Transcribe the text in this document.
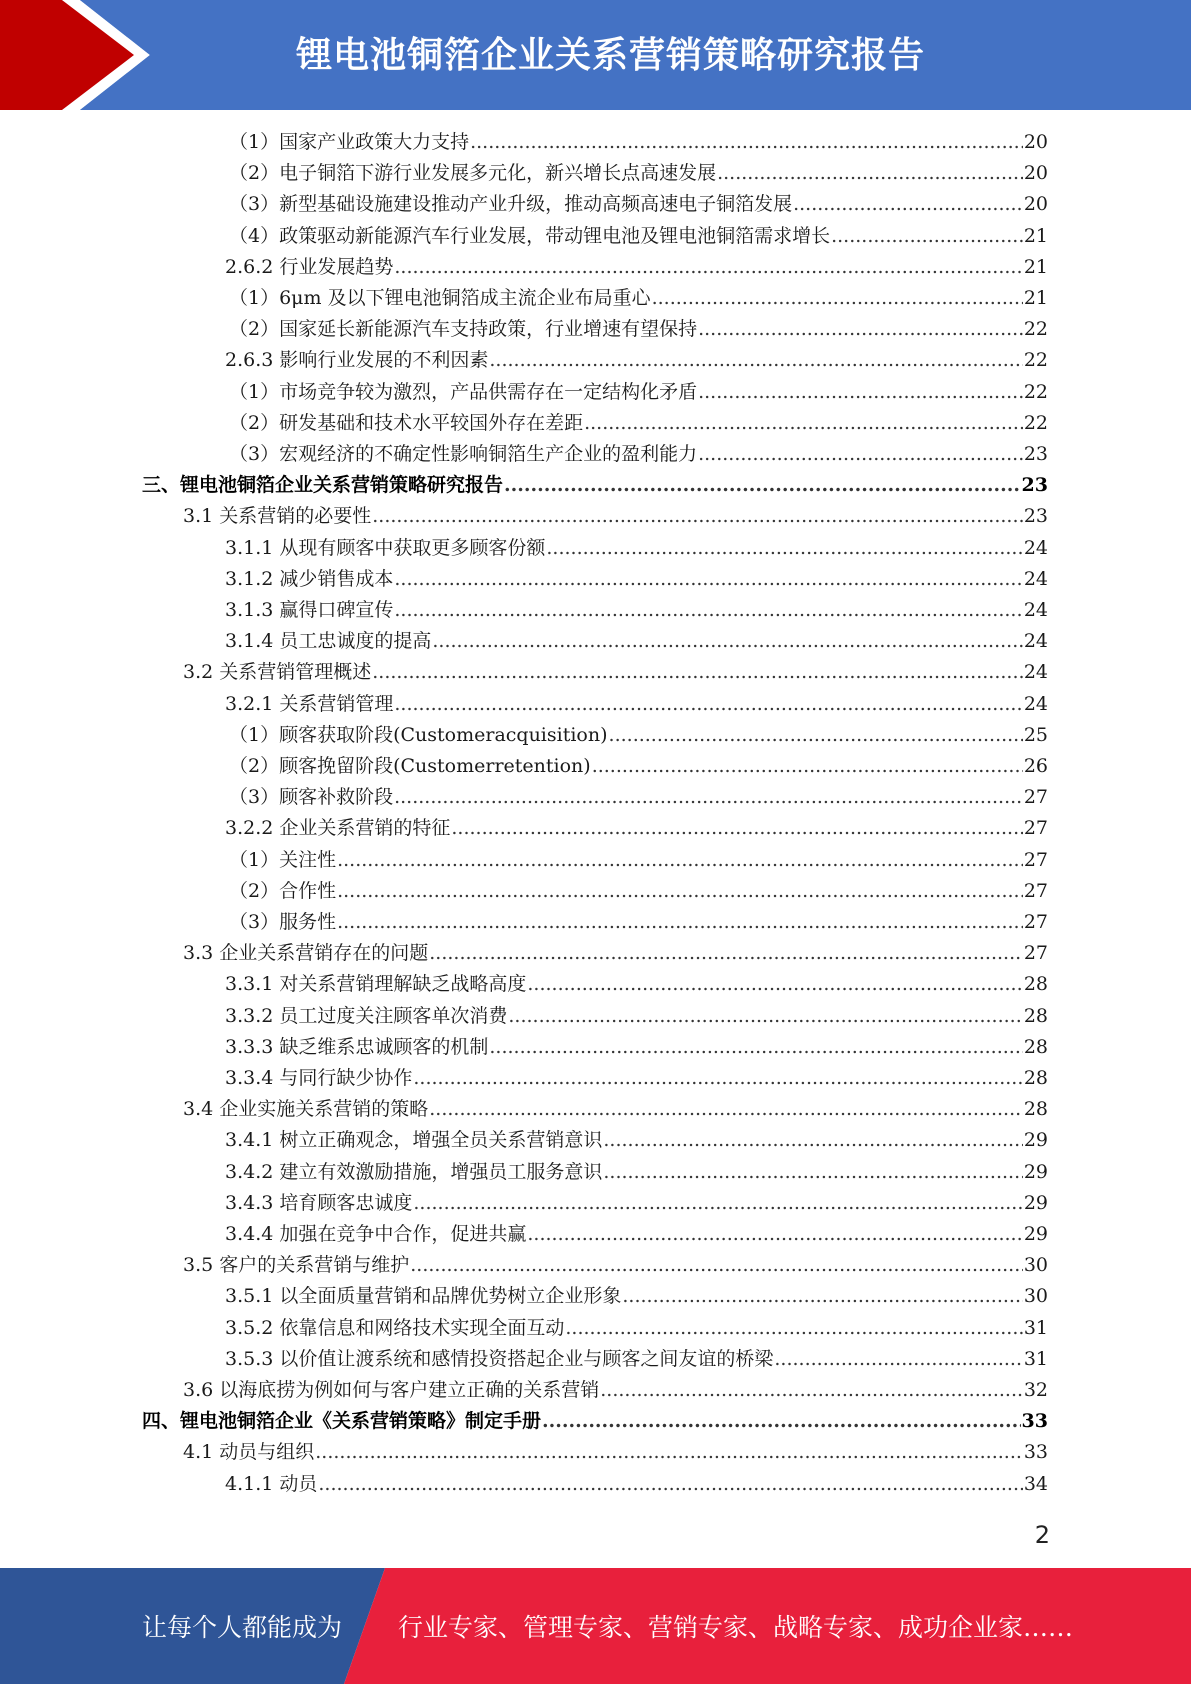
锂电池铜箔企业关系营销策略研究报告
（1）国家产业政策大力支持 .....	20
（2）电子铜箔下游行业发展多元化，新兴增长点高速发展 .....	20
（3）新型基础设施建设推动产业升级，推动高频高速电子铜箔发展 .....	20
（4）政策驱动新能源汽车行业发展，带动锂电池及锂电池铜箔需求增长 .....	21
2.6.2 行业发展趋势 .....	21
（1）6μm 及以下锂电池铜箔成主流企业布局重心 .....	21
（2）国家延长新能源汽车支持政策，行业增速有望保持 .....	22
2.6.3 影响行业发展的不利因素 .....	22
（1）市场竞争较为激烈，产品供需存在一定结构化矛盾 .....	22
（2）研发基础和技术水平较国外存在差距 .....	22
（3）宏观经济的不确定性影响铜箔生产企业的盈利能力 .....	23
三、锂电池铜箔企业关系营销策略研究报告 .....	23
3.1 关系营销的必要性 .....	23
3.1.1 从现有顾客中获取更多顾客份额 .....	24
3.1.2 减少销售成本 .....	24
3.1.3 赢得口碑宣传 .....	24
3.1.4 员工忠诚度的提高 .....	24
3.2 关系营销管理概述 .....	24
3.2.1 关系营销管理 .....	24
（1）顾客获取阶段(Customeracquisition) .....	25
（2）顾客挽留阶段(Customerretention) .....	26
（3）顾客补救阶段 .....	27
3.2.2 企业关系营销的特征 .....	27
（1）关注性 .....	27
（2）合作性 .....	27
（3）服务性 .....	27
3.3 企业关系营销存在的问题 .....	27
3.3.1 对关系营销理解缺乏战略高度 .....	28
3.3.2 员工过度关注顾客单次消费 .....	28
3.3.3 缺乏维系忠诚顾客的机制 .....	28
3.3.4 与同行缺少协作 .....	28
3.4 企业实施关系营销的策略 .....	28
3.4.1 树立正确观念，增强全员关系营销意识 .....	29
3.4.2 建立有效激励措施，增强员工服务意识 .....	29
3.4.3 培育顾客忠诚度 .....	29
3.4.4 加强在竞争中合作，促进共赢 .....	29
3.5 客户的关系营销与维护 .....	30
3.5.1 以全面质量营销和品牌优势树立企业形象 .....	30
3.5.2 依靠信息和网络技术实现全面互动 .....	31
3.5.3 以价值让渡系统和感情投资搭起企业与顾客之间友谊的桥梁 .....	31
3.6 以海底捞为例如何与客户建立正确的关系营销 .....	32
四、锂电池铜箔企业《关系营销策略》制定手册 .....	33
4.1 动员与组织 .....	33
4.1.1 动员 .....	34
2
让每个人都能成为 行业专家、管理专家、营销专家、战略专家、成功企业家……
